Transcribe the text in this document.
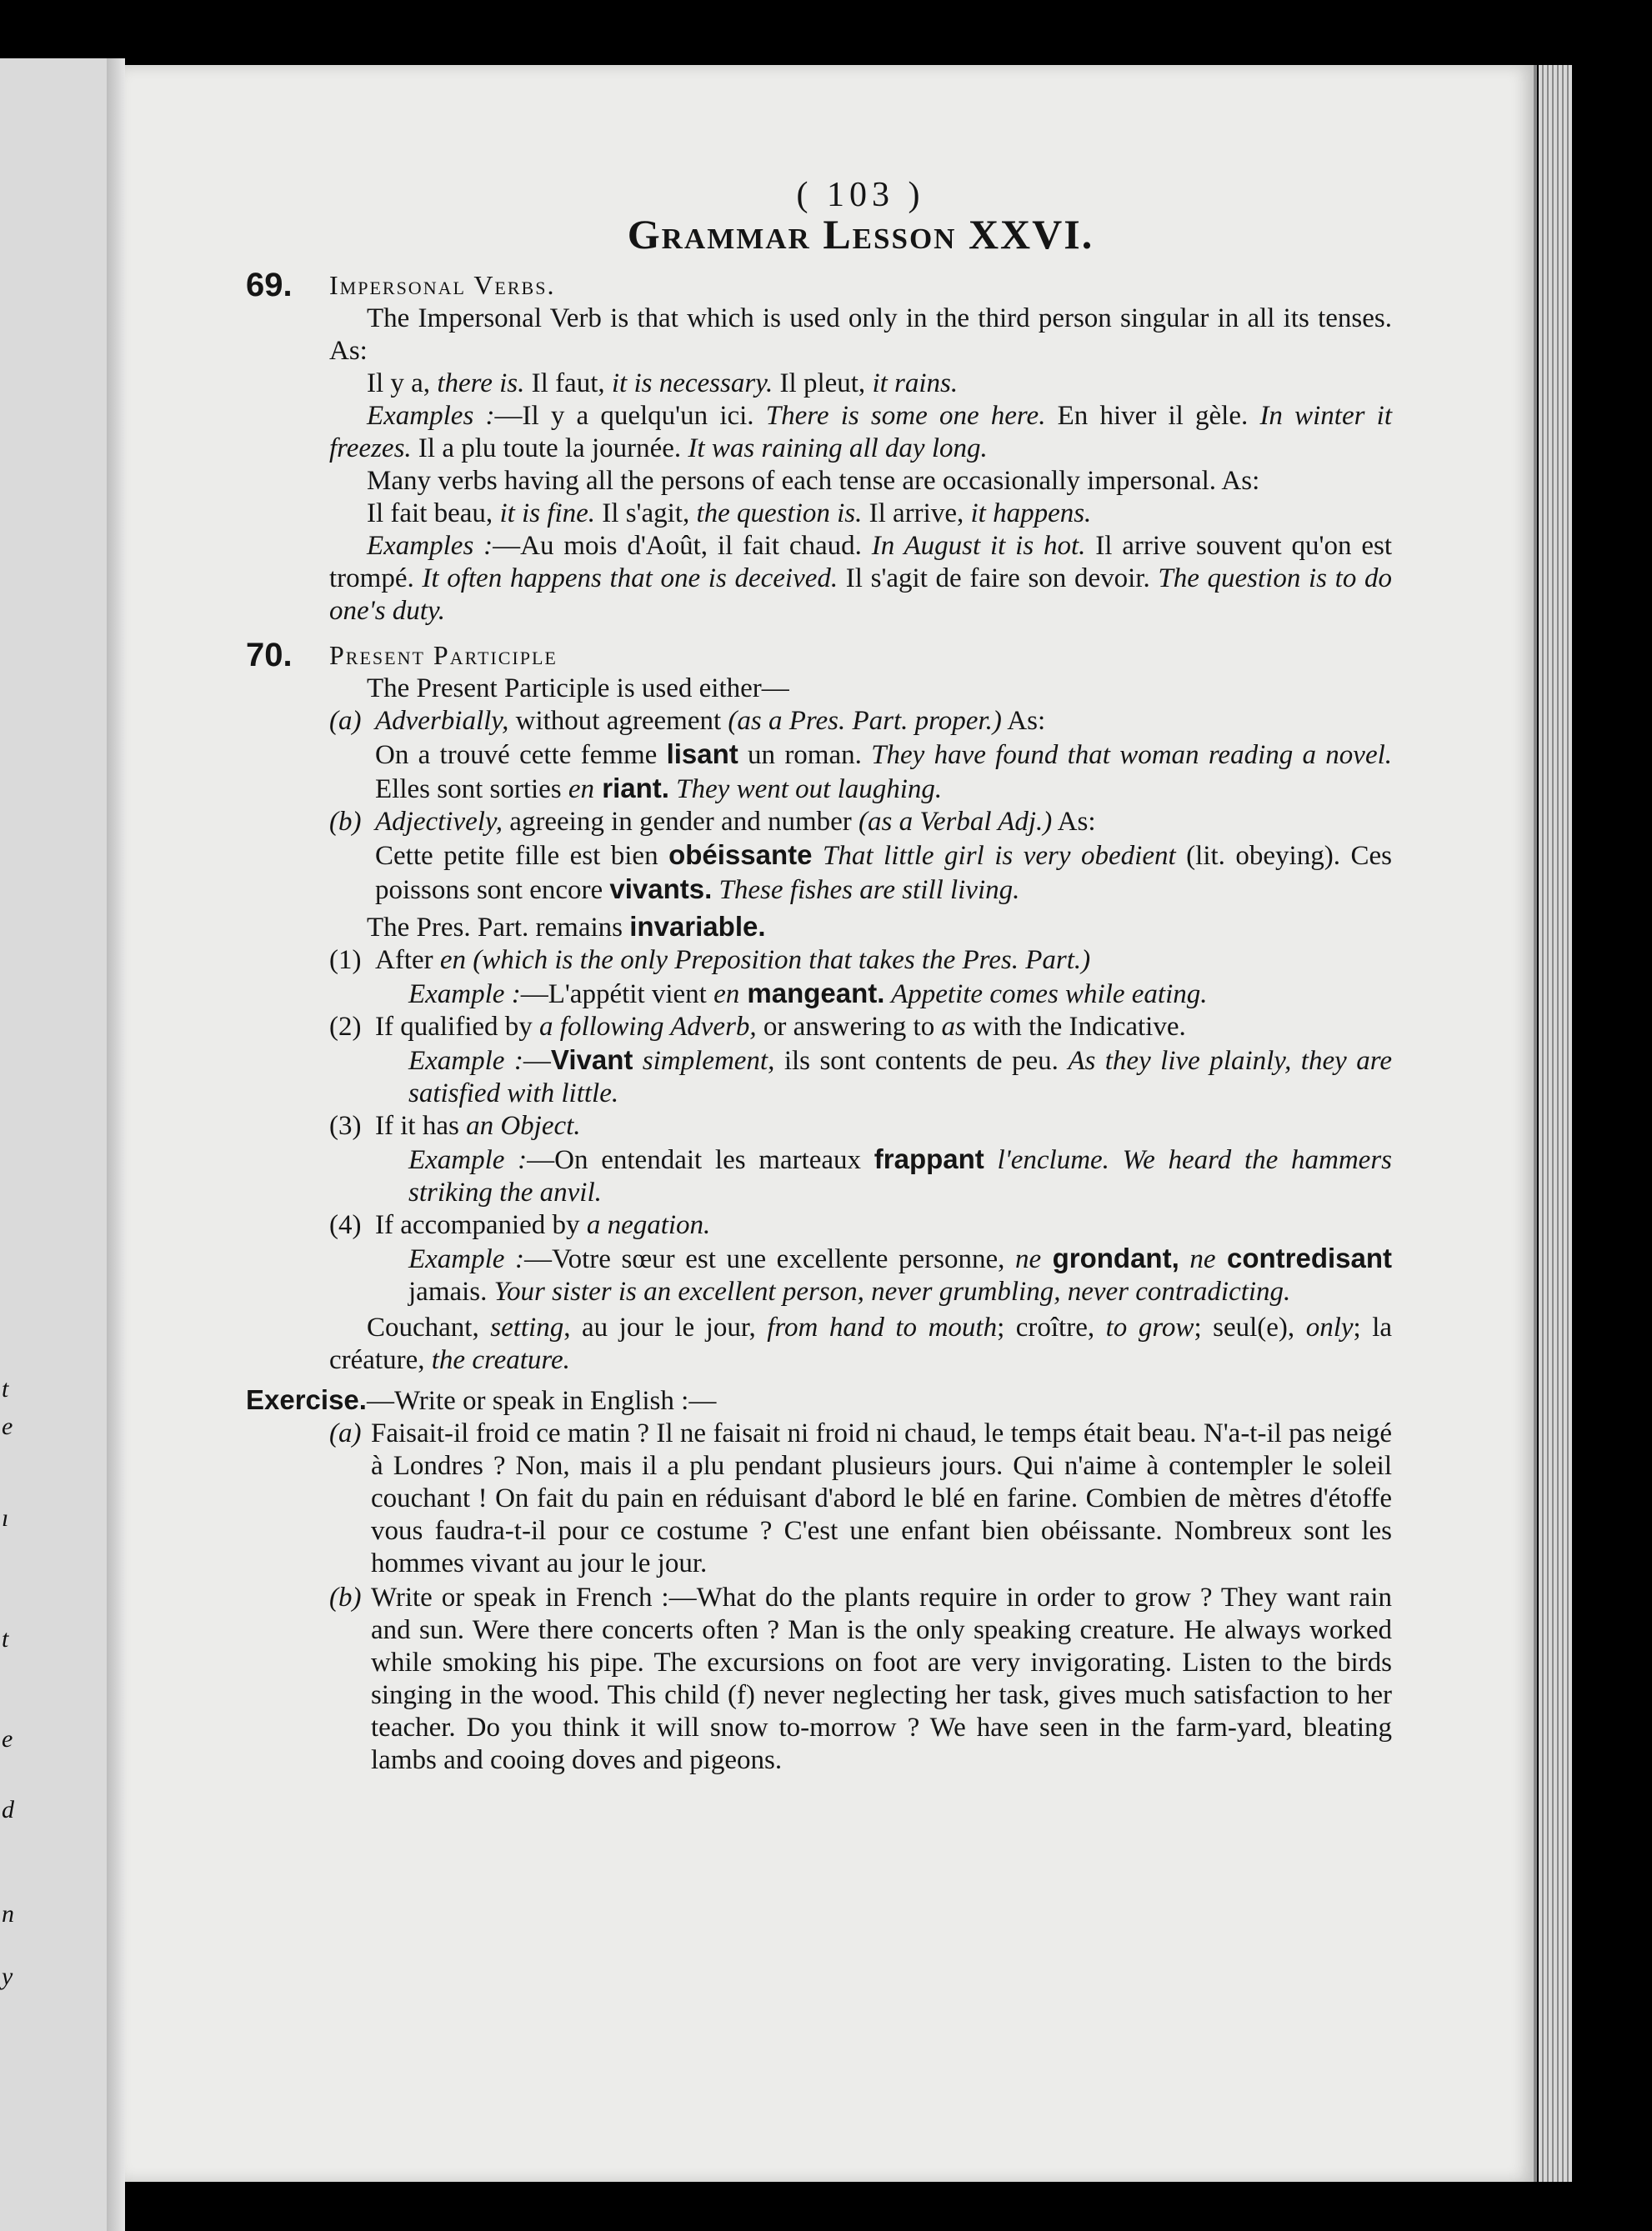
t
e
ı
t
e
d
n
y
( 103 )
Grammar Lesson XXVI.
69. Impersonal Verbs.

The Impersonal Verb is that which is used only in the third person singular in all its tenses. As:

Il y a, there is. Il faut, it is necessary. Il pleut, it rains.

Examples :—Il y a quelqu'un ici. There is some one here. En hiver il gèle. In winter it freezes. Il a plu toute la journée. It was raining all day long.

Many verbs having all the persons of each tense are occasionally impersonal. As:

Il fait beau, it is fine. Il s'agit, the question is. Il arrive, it happens.

Examples :—Au mois d'Août, il fait chaud. In August it is hot. Il arrive souvent qu'on est trompé. It often happens that one is deceived. Il s'agit de faire son devoir. The question is to do one's duty.

70. Present Participle

The Present Participle is used either—

(a) Adverbially, without agreement (as a Pres. Part. proper.) As:
On a trouvé cette femme lisant un roman. They have found that woman reading a novel. Elles sont sorties en riant. They went out laughing.
(b) Adjectively, agreeing in gender and number (as a Verbal Adj.) As:
Cette petite fille est bien obéissante That little girl is very obedient (lit. obeying). Ces poissons sont encore vivants. These fishes are still living.

The Pres. Part. remains invariable.

(1) After en (which is the only Preposition that takes the Pres. Part.)
Example :—L'appétit vient en mangeant. Appetite comes while eating.
(2) If qualified by a following Adverb, or answering to as with the Indicative.
Example :—Vivant simplement, ils sont contents de peu. As they live plainly, they are satisfied with little.
(3) If it has an Object.
Example :—On entendait les marteaux frappant l'enclume. We heard the hammers striking the anvil.
(4) If accompanied by a negation.
Example :—Votre sœur est une excellente personne, ne grondant, ne contredisant jamais. Your sister is an excellent person, never grumbling, never contradicting.

Couchant, setting, au jour le jour, from hand to mouth; croître, to grow; seul(e), only; la créature, the creature.

Exercise.—Write or speak in English :—
(a) Faisait-il froid ce matin ? Il ne faisait ni froid ni chaud, le temps était beau. N'a-t-il pas neigé à Londres ? Non, mais il a plu pendant plusieurs jours. Qui n'aime à contempler le soleil couchant ! On fait du pain en réduisant d'abord le blé en farine. Combien de mètres d'étoffe vous faudra-t-il pour ce costume ? C'est une enfant bien obéissante. Nombreux sont les hommes vivant au jour le jour.
(b) Write or speak in French :—What do the plants require in order to grow ? They want rain and sun. Were there concerts often ? Man is the only speaking creature. He always worked while smoking his pipe. The excursions on foot are very invigorating. Listen to the birds singing in the wood. This child (f) never neglecting her task, gives much satisfaction to her teacher. Do you think it will snow to-morrow ? We have seen in the farm-yard, bleating lambs and cooing doves and pigeons.
